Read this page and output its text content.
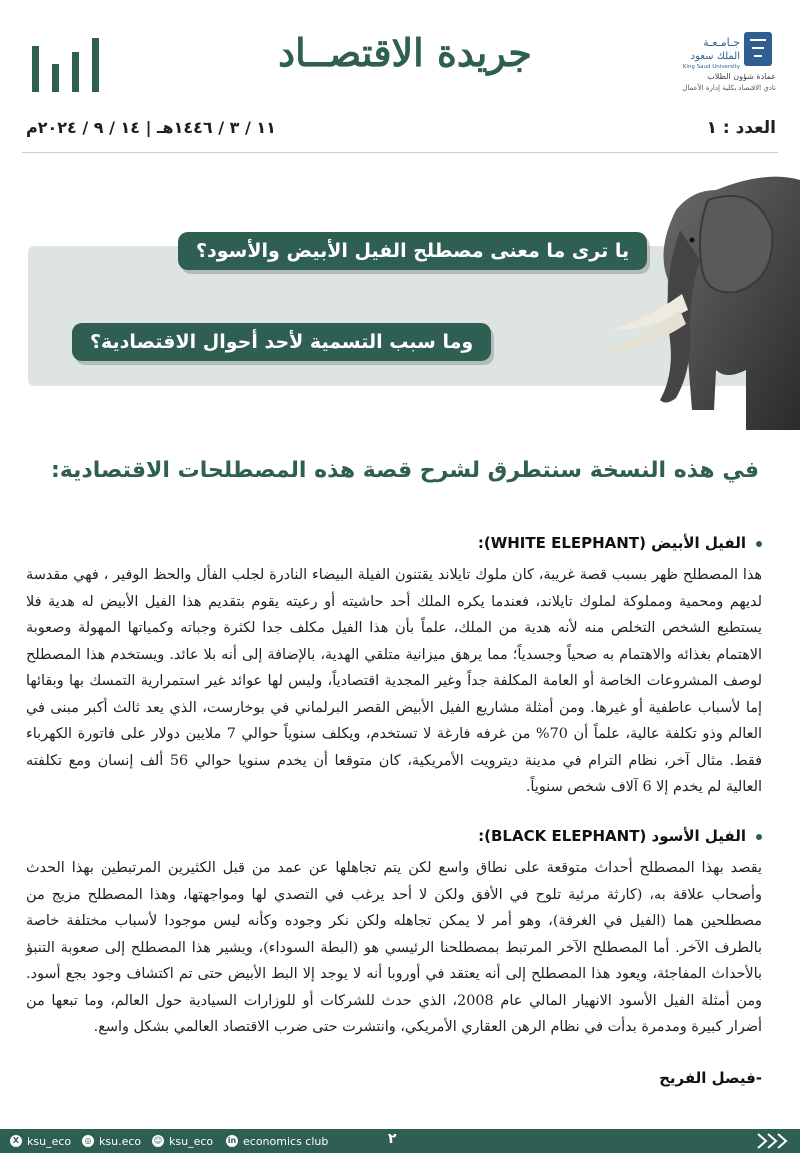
جريدة الاقتصــاد	جـامـعـة
الملك سعود
King Saud University
عمادة شؤون الطلاب
نادي الاقتصاد بكلية إدارة الأعمال
العدد : ١
١١ / ٣ / ١٤٤٦هـ | ١٤ / ٩ / ٢٠٢٤م
يا ترى ما معنى مصطلح الفيل الأبيض والأسود؟
وما سبب التسمية لأحد أحوال الاقتصادية؟
في هذه النسخة سنتطرق لشرح قصة هذه المصطلحات الاقتصادية:
الفيل الأبيض (WHITE ELEPHANT):
هذا المصطلح ظهر بسبب قصة غريبة، كان ملوك تايلاند يقتنون الفيلة البيضاء النادرة لجلب الفأل والحظ الوفير ، فهي مقدسة لديهم ومحمية ومملوكة لملوك تايلاند، فعندما يكره الملك أحد حاشيته أو رعيته يقوم بتقديم هذا الفيل الأبيض له هدية فلا يستطيع الشخص التخلص منه لأنه هدية من الملك، علماً بأن هذا الفيل مكلف جدا لكثرة وجباته وكمياتها المهولة وصعوبة الاهتمام بغذائه والاهتمام به صحياً وجسدياً؛ مما يرهق ميزانية متلقي الهدية، بالإضافة إلى أنه بلا عائد. ويستخدم هذا المصطلح لوصف المشروعات الخاصة أو العامة المكلفة جداً وغير المجدية اقتصادياً، وليس لها عوائد غير استمرارية التمسك بها وبقائها إما لأسباب عاطفية أو غيرها. ومن أمثلة مشاريع الفيل الأبيض القصر البرلماني في بوخارست، الذي يعد ثالث أكبر مبنى في العالم وذو تكلفة عالية، علماً أن 70% من غرفه فارغة لا تستخدم، ويكلف سنوياً حوالي 7 ملايين دولار على فاتورة الكهرباء فقط. مثال آخر، نظام الترام في مدينة ديترويت الأمريكية، كان متوقعا أن يخدم سنويا حوالي 56 ألف إنسان ومع تكلفته العالية لم يخدم إلا 6 آلاف شخص سنوياً.
الفيل الأسود (BLACK ELEPHANT):
يقصد بهذا المصطلح أحداث متوقعة على نطاق واسع لكن يتم تجاهلها عن عمد من قبل الكثيرين المرتبطين بهذا الحدث وأصحاب علاقة به، (كارثة مرئية تلوح في الأفق ولكن لا أحد يرغب في التصدي لها ومواجهتها، وهذا المصطلح مزيج من مصطلحين هما (الفيل في الغرفة)، وهو أمر لا يمكن تجاهله ولكن نكر وجوده وكأنه ليس موجودا لأسباب مختلفة خاصة بالطرف الآخر. أما المصطلح الآخر المرتبط بمصطلحنا الرئيسي هو (البطة السوداء)، ويشير هذا المصطلح إلى صعوبة التنبؤ بالأحداث المفاجئة، ويعود هذا المصطلح إلى أنه يعتقد في أوروبا أنه لا يوجد إلا البط الأبيض حتى تم اكتشاف وجود بجع أسود. ومن أمثلة الفيل الأسود الانهيار المالي عام 2008، الذي حدث للشركات أو للوزارات السيادية حول العالم، وما تبعها من أضرار كبيرة ومدمرة بدأت في نظام الرهن العقاري الأمريكي، وانتشرت حتى ضرب الاقتصاد العالمي بشكل واسع.
-فيصل الفريح
X ksu_eco	◎ ksu.eco ☺ ksu_eco in economics club	٢
